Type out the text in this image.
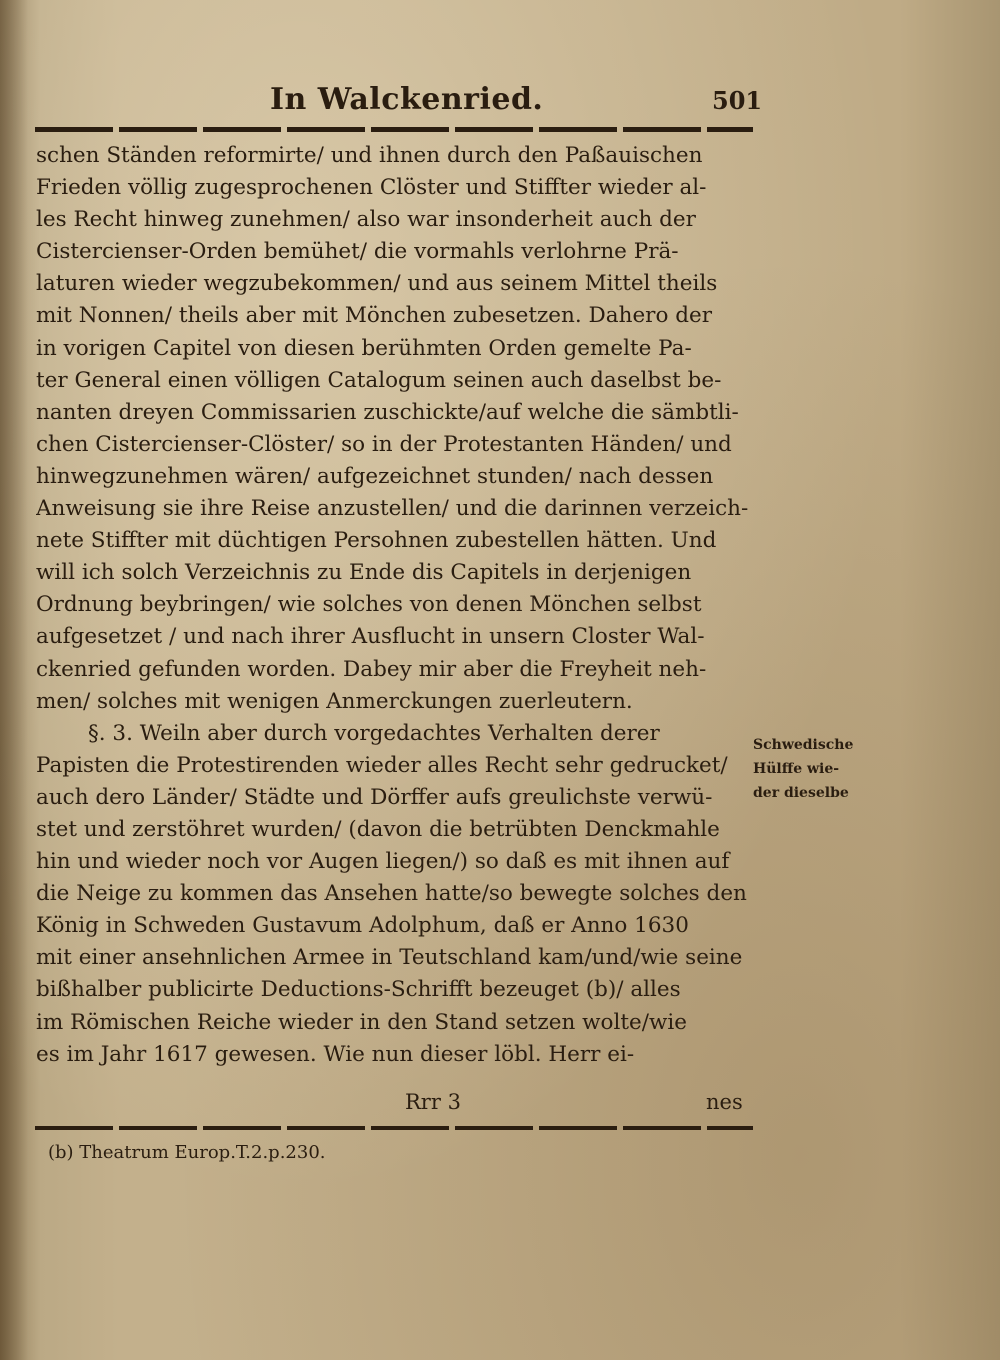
In Walckenried.	501
schen Ständen reformirte/ und ihnen durch den Paßauischen
Frieden völlig zugesprochenen Clöster und Stiffter wieder al-
les Recht hinweg zunehmen/ also war insonderheit auch der
Cistercienser-Orden bemühet/ die vormahls verlohrne Prä-
laturen wieder wegzubekommen/ und aus seinem Mittel theils
mit Nonnen/ theils aber mit Mönchen zubesetzen. Dahero der
in vorigen Capitel von diesen berühmten Orden gemelte Pa-
ter General einen völligen Catalogum seinen auch daselbst be-
nanten dreyen Commissarien zuschickte/auf welche die sämbtli-
chen Cistercienser-Clöster/ so in der Protestanten Händen/ und
hinwegzunehmen wären/ aufgezeichnet stunden/ nach dessen
Anweisung sie ihre Reise anzustellen/ und die darinnen verzeich-
nete Stiffter mit düchtigen Persohnen zubestellen hätten. Und
will ich solch Verzeichnis zu Ende dis Capitels in derjenigen
Ordnung beybringen/ wie solches von denen Mönchen selbst
aufgesetzet / und nach ihrer Ausflucht in unsern Closter Wal-
ckenried gefunden worden. Dabey mir aber die Freyheit neh-
men/ solches mit wenigen Anmerckungen zuerleutern.
§. 3. Weiln aber durch vorgedachtes Verhalten derer
Papisten die Protestirenden wieder alles Recht sehr gedrucket/
auch dero Länder/ Städte und Dörffer aufs greulichste verwü-
stet und zerstöhret wurden/ (davon die betrübten Denckmahle
hin und wieder noch vor Augen liegen/) so daß es mit ihnen auf
die Neige zu kommen das Ansehen hatte/so bewegte solches den
König in Schweden Gustavum Adolphum, daß er Anno 1630
mit einer ansehnlichen Armee in Teutschland kam/und/wie seine
bißhalber publicirte Deductions-Schrifft bezeuget (b)/ alles
im Römischen Reiche wieder in den Stand setzen wolte/wie
es im Jahr 1617 gewesen. Wie nun dieser löbl. Herr ei-
Schwedische
Hülffe wie-
der dieselbe
Rrr 3	nes
(b) Theatrum Europ.T.2.p.230.
